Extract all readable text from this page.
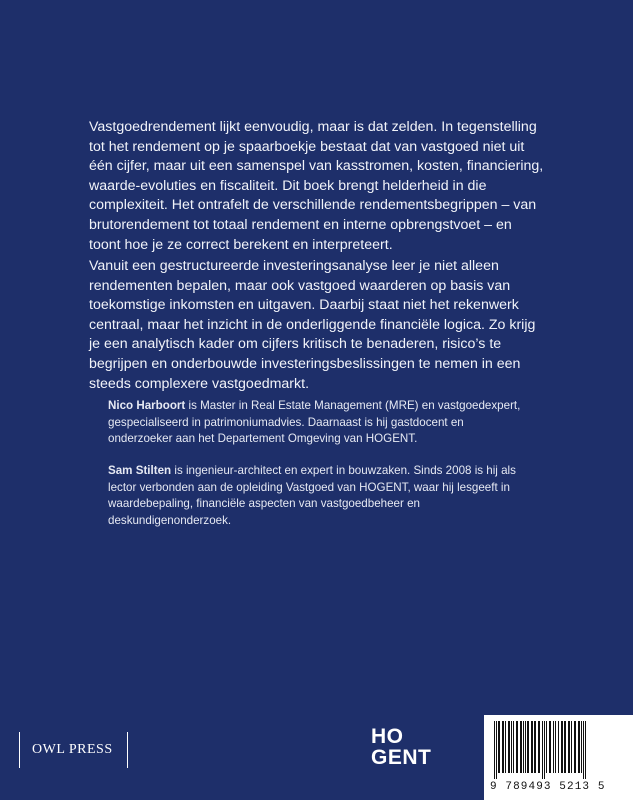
Vastgoedrendement lijkt eenvoudig, maar is dat zelden. In tegenstelling tot het rendement op je spaarboekje bestaat dat van vastgoed niet uit één cijfer, maar uit een samenspel van kasstromen, kosten, financiering, waarde-evoluties en fiscaliteit. Dit boek brengt helderheid in die complexiteit. Het ontrafelt de verschillende rendementsbegrippen – van brutorendement tot totaal rendement en interne opbrengstvoet – en toont hoe je ze correct berekent en interpreteert.

Vanuit een gestructureerde investeringsanalyse leer je niet alleen rendementen bepalen, maar ook vastgoed waarderen op basis van toekomstige inkomsten en uitgaven. Daarbij staat niet het rekenwerk centraal, maar het inzicht in de onderliggende financiële logica. Zo krijg je een analytisch kader om cijfers kritisch te benaderen, risico’s te begrijpen en onderbouwde investeringsbeslissingen te nemen in een steeds complexere vastgoedmarkt.

Nico Harboort is Master in Real Estate Management (MRE) en vastgoedexpert, gespecialiseerd in patrimoniumadvies. Daarnaast is hij gastdocent en onderzoeker aan het Departement Omgeving van HOGENT.

Sam Stilten is ingenieur-architect en expert in bouwzaken. Sinds 2008 is hij als lector verbonden aan de opleiding Vastgoed van HOGENT, waar hij lesgeeft in waardebepaling, financiële aspecten van vastgoedbeheer en deskundigenonderzoek.

OWL PRESS
HO
GENT
9 789493 5213 5
